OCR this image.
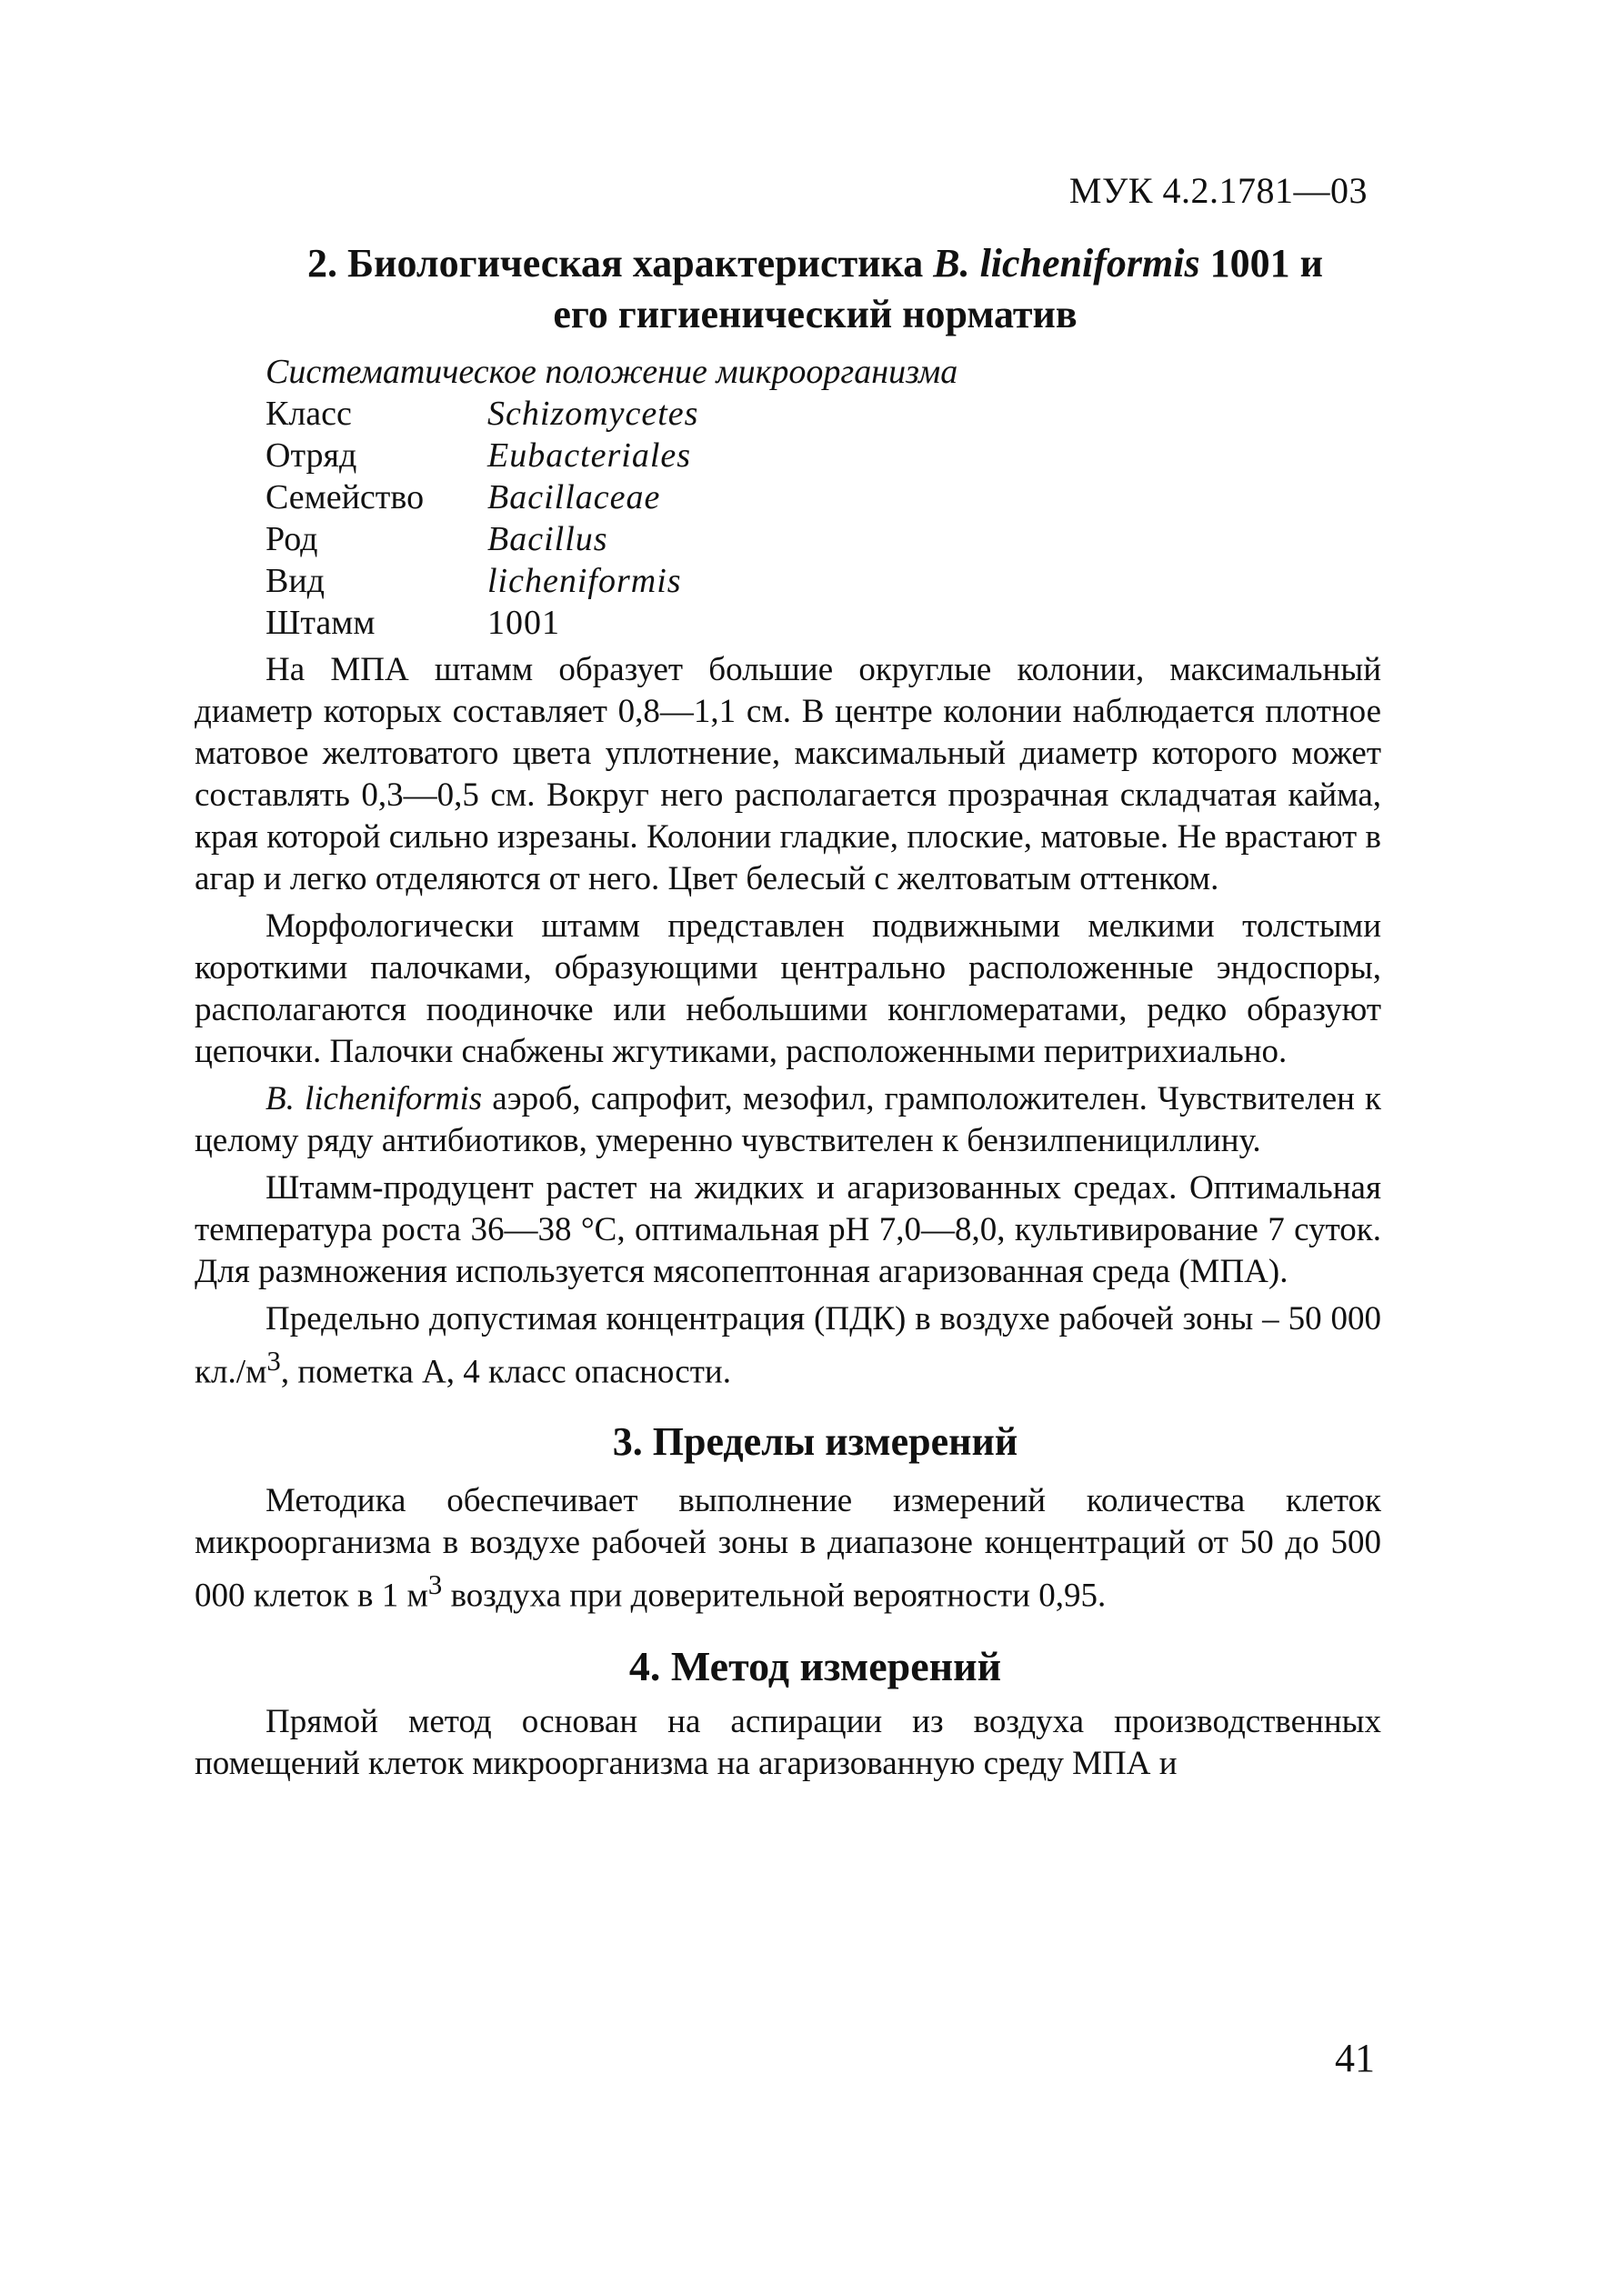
МУК 4.2.1781—03
2. Биологическая характеристика B. licheniformis 1001 и
его гигиенический норматив
Систематическое положение микроорганизма
Класс	Schizomycetes
Отряд	Eubacteriales
Семейство	Bacillaceae
Род	Bacillus
Вид	licheniformis
Штамм	1001

На МПА штамм образует большие округлые колонии, максимальный диаметр которых составляет 0,8—1,1 см. В центре колонии наблюдается плотное матовое желтоватого цвета уплотнение, максимальный диаметр которого может составлять 0,3—0,5 см. Вокруг него располагается прозрачная складчатая кайма, края которой сильно изрезаны. Колонии гладкие, плоские, матовые. Не врастают в агар и легко отделяются от него. Цвет белесый с желтоватым оттенком.

Морфологически штамм представлен подвижными мелкими толстыми короткими палочками, образующими центрально расположенные эндоспоры, располагаются поодиночке или небольшими конгломератами, редко образуют цепочки. Палочки снабжены жгутиками, расположенными перитрихиально.

B. licheniformis аэроб, сапрофит, мезофил, грамположителен. Чувствителен к целому ряду антибиотиков, умеренно чувствителен к бензилпенициллину.

Штамм-продуцент растет на жидких и агаризованных средах. Оптимальная температура роста 36—38 °С, оптимальная рН 7,0—8,0, культивирование 7 суток. Для размножения используется мясопептонная агаризованная среда (МПА).

Предельно допустимая концентрация (ПДК) в воздухе рабочей зоны – 50 000 $кл./м^3$, пометка А, 4 класс опасности.

3. Пределы измерений

Методика обеспечивает выполнение измерений количества клеток микроорганизма в воздухе рабочей зоны в диапазоне концентраций от 50 до 500 000 клеток в 1 $м^3$ воздуха при доверительной вероятности 0,95.

4. Метод измерений

Прямой метод основан на аспирации из воздуха производственных помещений клеток микроорганизма на агаризованную среду МПА и

41
